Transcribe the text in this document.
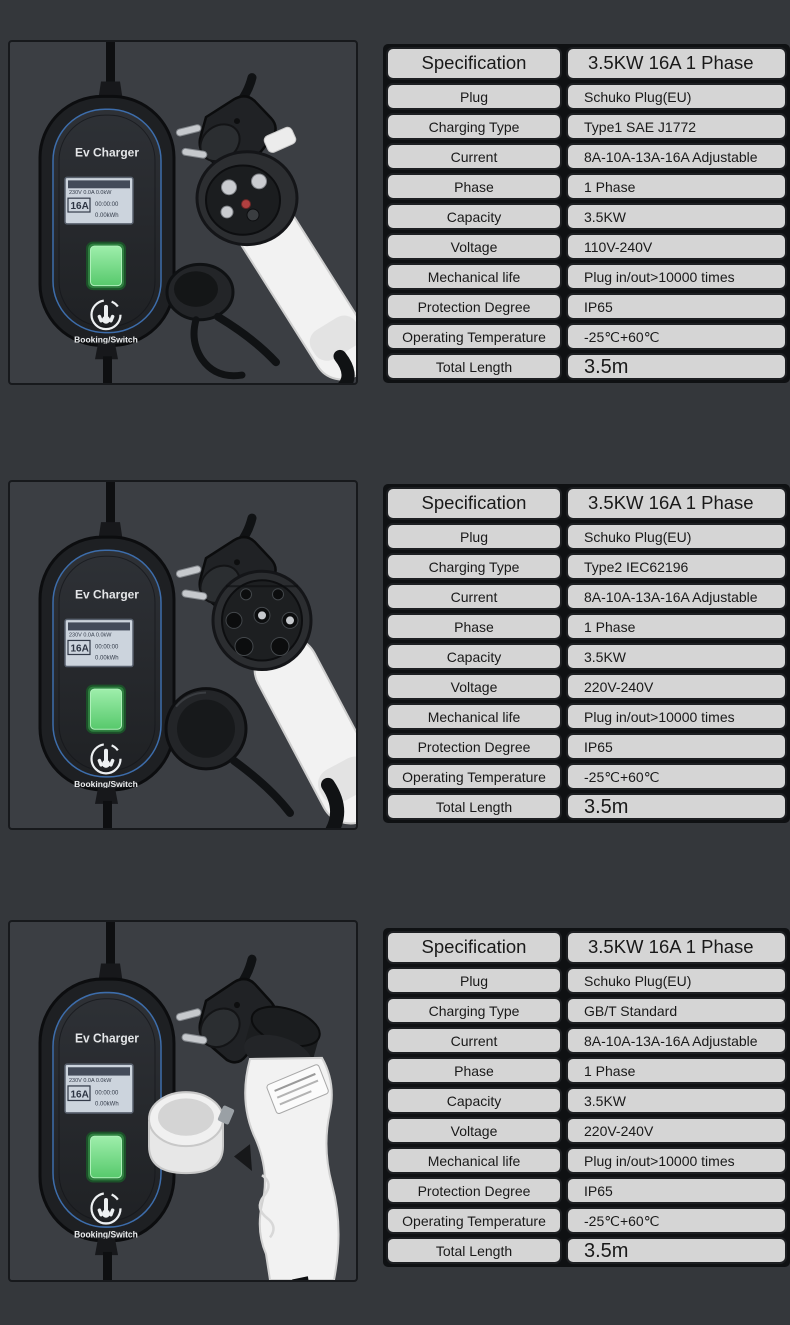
Specification	3.5KW 16A 1 Phase
Plug	Schuko Plug(EU)
Charging Type	Type1 SAE J1772
Current	8A-10A-13A-16A Adjustable
Phase	1 Phase
Capacity	3.5KW
Voltage	110V-240V
Mechanical life	Plug in/out>10000 times
Protection Degree	IP65
Operating Temperature	-25℃+60℃
Total Length	3.5m
Specification	3.5KW 16A 1 Phase
Plug	Schuko Plug(EU)
Charging Type	Type2 IEC62196
Current	8A-10A-13A-16A Adjustable
Phase	1 Phase
Capacity	3.5KW
Voltage	220V-240V
Mechanical life	Plug in/out>10000 times
Protection Degree	IP65
Operating Temperature	-25℃+60℃
Total Length	3.5m
Specification	3.5KW 16A 1 Phase
Plug	Schuko Plug(EU)
Charging Type	GB/T Standard
Current	8A-10A-13A-16A Adjustable
Phase	1 Phase
Capacity	3.5KW
Voltage	220V-240V
Mechanical life	Plug in/out>10000 times
Protection Degree	IP65
Operating Temperature	-25℃+60℃
Total Length	3.5m
